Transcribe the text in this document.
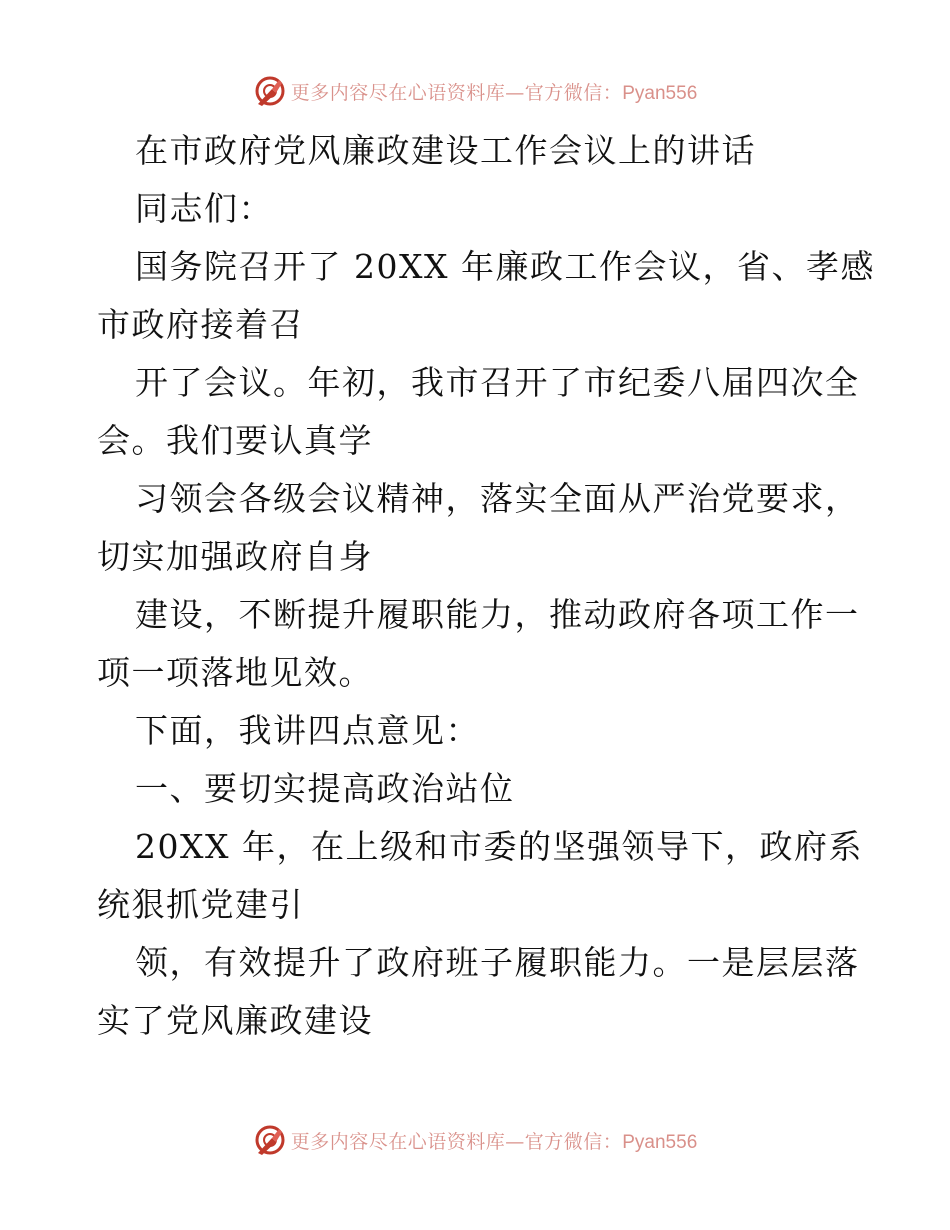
更多内容尽在心语资料库—官方微信：Pyan556
在市政府党风廉政建设工作会议上的讲话
同志们：
国务院召开了 20XX 年廉政工作会议，省、孝感
市政府接着召
开了会议。年初，我市召开了市纪委八届四次全
会。我们要认真学
习领会各级会议精神，落实全面从严治党要求，
切实加强政府自身
建设，不断提升履职能力，推动政府各项工作一
项一项落地见效。
下面，我讲四点意见：
一、要切实提高政治站位
20XX 年，在上级和市委的坚强领导下，政府系
统狠抓党建引
领，有效提升了政府班子履职能力。一是层层落
实了党风廉政建设
更多内容尽在心语资料库—官方微信：Pyan556
